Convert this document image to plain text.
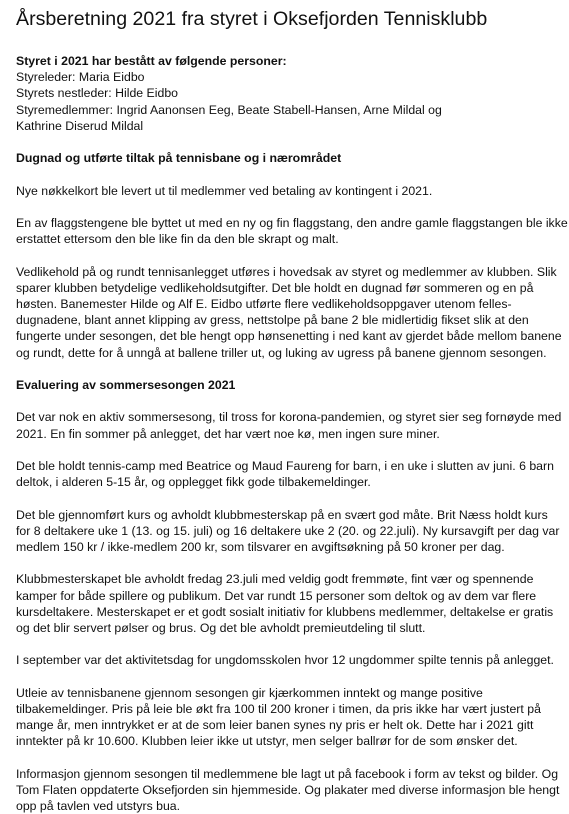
Årsberetning 2021 fra styret i Oksefjorden Tennisklubb
Styret i 2021 har bestått av følgende personer:
Styreleder: Maria Eidbo
Styrets nestleder: Hilde Eidbo
Styremedlemmer: Ingrid Aanonsen Eeg, Beate Stabell-Hansen, Arne Mildal og
Kathrine Diserud Mildal
Dugnad og utførte tiltak på tennisbane og i nærområdet
Nye nøkkelkort ble levert ut til medlemmer ved betaling av kontingent i 2021.
En av flaggstengene ble byttet ut med en ny og fin flaggstang, den andre gamle flaggstangen ble ikke
erstattet ettersom den ble like fin da den ble skrapt og malt.
Vedlikehold på og rundt tennisanlegget utføres i hovedsak av styret og medlemmer av klubben. Slik
sparer klubben betydelige vedlikeholdsutgifter. Det ble holdt en dugnad før sommeren og en på
høsten. Banemester Hilde og Alf E. Eidbo utførte flere vedlikeholdsoppgaver utenom felles-
dugnadene, blant annet klipping av gress, nettstolpe på bane 2 ble midlertidig fikset slik at den
fungerte under sesongen, det ble hengt opp hønsenetting i ned kant av gjerdet både mellom banene
og rundt, dette for å unngå at ballene triller ut, og luking av ugress på banene gjennom sesongen.
Evaluering av sommersesongen 2021
Det var nok en aktiv sommersesong, til tross for korona-pandemien, og styret sier seg fornøyde med
2021. En fin sommer på anlegget, det har vært noe kø, men ingen sure miner.
Det ble holdt tennis-camp med Beatrice og Maud Faureng for barn, i en uke i slutten av juni. 6 barn
deltok, i alderen 5-15 år, og opplegget fikk gode tilbakemeldinger.
Det ble gjennomført kurs og avholdt klubbmesterskap på en svært god måte. Brit Næss holdt kurs
for 8 deltakere uke 1 (13. og 15. juli) og 16 deltakere uke 2 (20. og 22.juli). Ny kursavgift per dag var
medlem 150 kr / ikke-medlem 200 kr, som tilsvarer en avgiftsøkning på 50 kroner per dag.
Klubbmesterskapet ble avholdt fredag 23.juli med veldig godt fremmøte, fint vær og spennende
kamper for både spillere og publikum. Det var rundt 15 personer som deltok og av dem var flere
kursdeltakere. Mesterskapet er et godt sosialt initiativ for klubbens medlemmer, deltakelse er gratis
og det blir servert pølser og brus. Og det ble avholdt premieutdeling til slutt.
I september var det aktivitetsdag for ungdomsskolen hvor 12 ungdommer spilte tennis på anlegget.
Utleie av tennisbanene gjennom sesongen gir kjærkommen inntekt og mange positive
tilbakemeldinger. Pris på leie ble økt fra 100 til 200 kroner i timen, da pris ikke har vært justert på
mange år, men inntrykket er at de som leier banen synes ny pris er helt ok. Dette har i 2021 gitt
inntekter på kr 10.600. Klubben leier ikke ut utstyr, men selger ballrør for de som ønsker det.
Informasjon gjennom sesongen til medlemmene ble lagt ut på facebook i form av tekst og bilder. Og
Tom Flaten oppdaterte Oksefjorden sin hjemmeside. Og plakater med diverse informasjon ble hengt
opp på tavlen ved utstyrs bua.
